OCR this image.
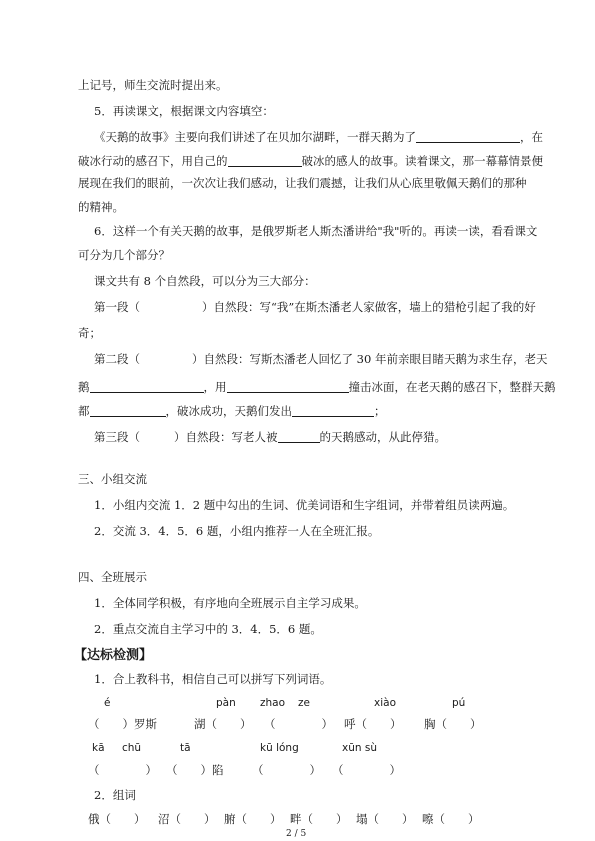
上记号，师生交流时提出来。
5．再读课文，根据课文内容填空：
《天鹅的故事》主要向我们讲述了在贝加尔湖畔，一群天鹅为了	，在
破冰行动的感召下，用自己的	破冰的感人的故事。读着课文，那一幕幕情景便
展现在我们的眼前，一次次让我们感动，让我们震撼，让我们从心底里敬佩天鹅们的那种
的精神。
6．这样一个有关天鹅的故事，是俄罗斯老人斯杰潘讲给"我"听的。再读一读，看看课文
可分为几个部分？
课文共有 8 个自然段，可以分为三大部分：
第一段（	）自然段：写“我”在斯杰潘老人家做客，墙上的猎枪引起了我的好
奇；
第二段（	）自然段：写斯杰潘老人回忆了 30 年前亲眼目睹天鹅为求生存，老天
鹅	，用	撞击冰面，在老天鹅的感召下，整群天鹅
都	，破冰成功，天鹅们发出	；
第三段（	）自然段：写老人被	的天鹅感动，从此停猎。
三、小组交流
1．小组内交流 1．2 题中勾出的生词、优美词语和生字组词，并带着组员读两遍。
2．交流 3．4．5．6 题，小组内推荐一人在全班汇报。
四、全班展示
1．全体同学积极，有序地向全班展示自主学习成果。
2．重点交流自主学习中的 3．4．5．6 题。
【达标检测】
1．合上教科书，相信自己可以拼写下列词语。
é	pàn zhao ze	xiào	pú
（　　）罗斯	湖（　　） （　　　　） 呼（　　） 胸（　　）
kā chū	tā	kū lóng	xūn sù
（　　　　） （　　）陷 （　　　　） （　　　　）
2．组词
俄（　　） 沼（　　） 腑（　　） 畔（　　） 塌（　　） 嚓（　　）
2 / 5
